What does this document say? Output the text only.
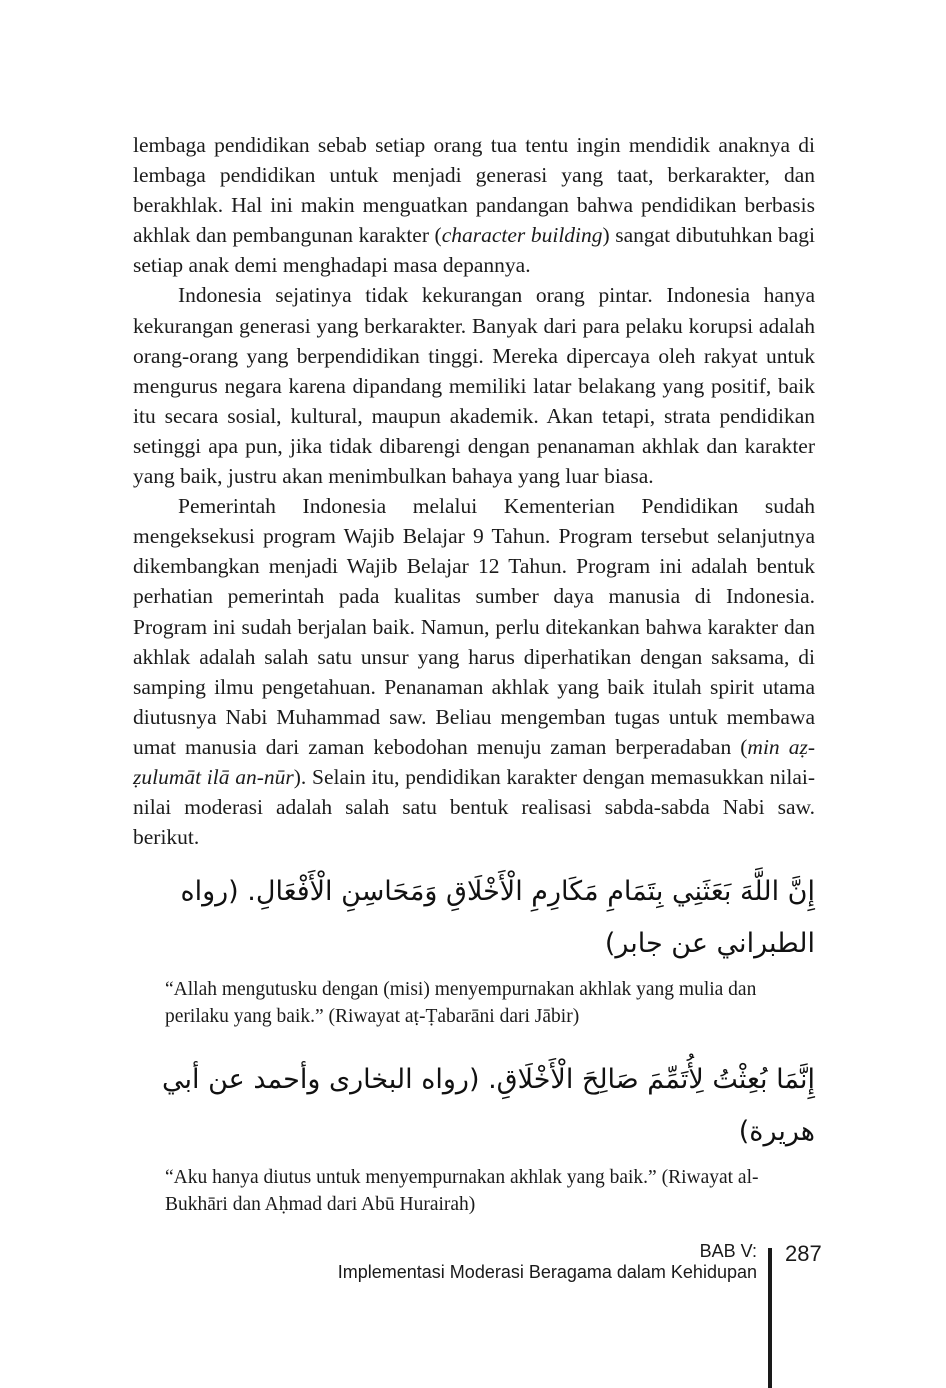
lembaga pendidikan sebab setiap orang tua tentu ingin mendidik anaknya di lembaga pendidikan untuk menjadi generasi yang taat, berkarakter, dan berakhlak. Hal ini makin menguatkan pandangan bahwa pendidikan berbasis akhlak dan pembangunan karakter (character building) sangat dibutuhkan bagi setiap anak demi menghadapi masa depannya.

Indonesia sejatinya tidak kekurangan orang pintar. Indonesia hanya kekurangan generasi yang berkarakter. Banyak dari para pelaku korupsi adalah orang-orang yang berpendidikan tinggi. Mereka dipercaya oleh rakyat untuk mengurus negara karena dipandang memiliki latar belakang yang positif, baik itu secara sosial, kultural, maupun akademik. Akan tetapi, strata pendidikan setinggi apa pun, jika tidak dibarengi dengan penanaman akhlak dan karakter yang baik, justru akan menimbulkan bahaya yang luar biasa.

Pemerintah Indonesia melalui Kementerian Pendidikan sudah mengeksekusi program Wajib Belajar 9 Tahun. Program tersebut selanjutnya dikembangkan menjadi Wajib Belajar 12 Tahun. Program ini adalah bentuk perhatian pemerintah pada kualitas sumber daya manusia di Indonesia. Program ini sudah berjalan baik. Namun, perlu ditekankan bahwa karakter dan akhlak adalah salah satu unsur yang harus diperhatikan dengan saksama, di samping ilmu pengetahuan. Penanaman akhlak yang baik itulah spirit utama diutusnya Nabi Muhammad saw. Beliau mengemban tugas untuk membawa umat manusia dari zaman kebodohan menuju zaman berperadaban (min aẓ-ẓulumāt ilā an-nūr). Selain itu, pendidikan karakter dengan memasukkan nilai-nilai moderasi adalah salah satu bentuk realisasi sabda-sabda Nabi saw. berikut.

إِنَّ اللَّهَ بَعَثَنِي بِتَمَامِ مَكَارِمِ الْأَخْلَاقِ وَمَحَاسِنِ الْأَفْعَالِ. (رواه الطبراني عن جابر)

“Allah mengutusku dengan (misi) menyempurnakan akhlak yang mulia dan perilaku yang baik.” (Riwayat aṭ-Ṭabarāni dari Jābir)

إِنَّمَا بُعِثْتُ لِأُتَمِّمَ صَالِحَ الْأَخْلَاقِ. (رواه البخارى وأحمد عن أبي هريرة)

“Aku hanya diutus untuk menyempurnakan akhlak yang baik.” (Riwayat al-Bukhāri dan Aḥmad dari Abū Hurairah)

BAB V:
Implementasi Moderasi Beragama dalam Kehidupan
287
